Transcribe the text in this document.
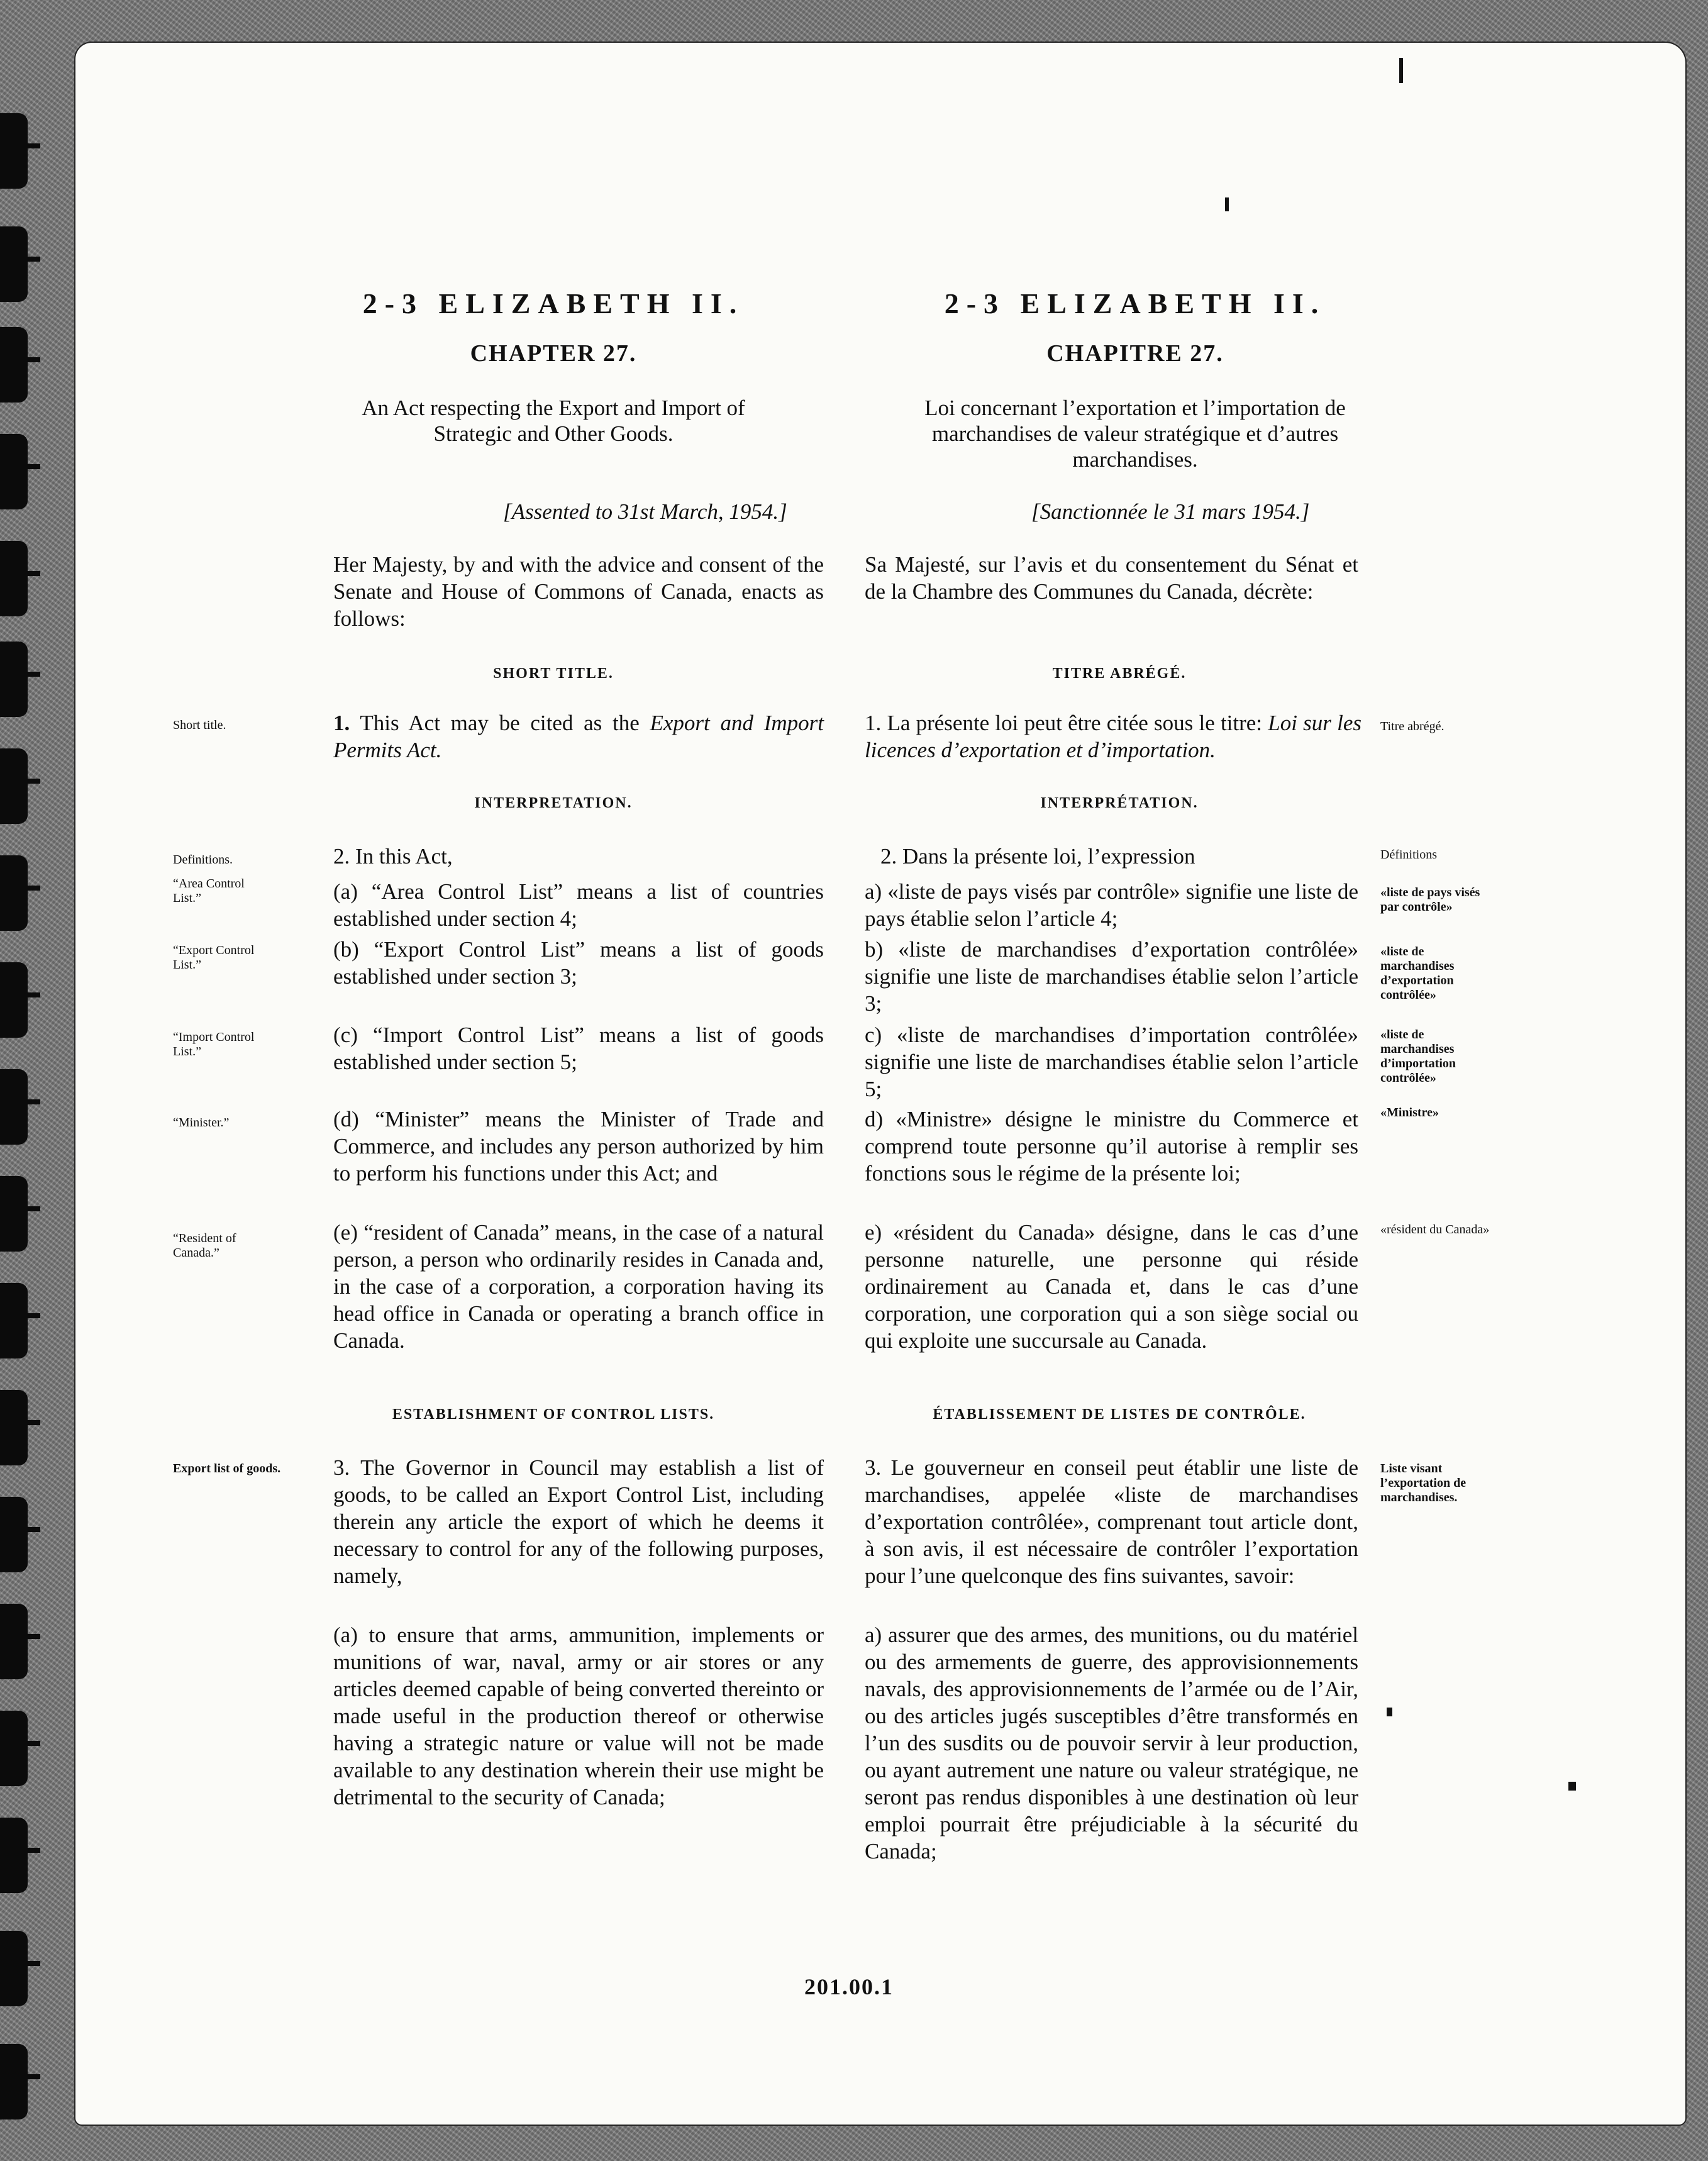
2-3 ELIZABETH II.	2-3 ELIZABETH II.
CHAPTER 27.	CHAPITRE 27.
An Act respecting the Export and Import of Strategic and Other Goods.
Loi concernant l’exportation et l’importation de marchandises de valeur stratégique et d’autres marchandises.
[Assented to 31st March, 1954.]	[Sanctionnée le 31 mars 1954.]
Her Majesty, by and with the advice and consent of the Senate and House of Commons of Canada, enacts as follows:
Sa Majesté, sur l’avis et du consentement du Sénat et de la Chambre des Communes du Canada, décrète:
SHORT TITLE.	TITRE ABRÉGÉ.
Short title.	1. This Act may be cited as the Export and Import Permits Act.
1. La présente loi peut être citée sous le titre: Loi sur les licences d’exportation et d’importation.
Titre abrégé.
INTERPRETATION.	INTERPRÉTATION.
Definitions.	Définitions
2. In this Act,	2. Dans la présente loi, l’expression
“Area Control List.”	(a) “Area Control List” means a list of countries established under section 4;
a) «liste de pays visés par contrôle» signifie une liste de pays établie selon l’article 4;
«liste de pays visés par contrôle»
“Export Control List.”
(b) “Export Control List” means a list of goods established under section 3;
b) «liste de marchandises d’exportation contrôlée» signifie une liste de marchandises établie selon l’article 3;
«liste de marchandises d’exportation contrôlée»
“Import Control List.”
(c) “Import Control List” means a list of goods established under section 5;
c) «liste de marchandises d’importation contrôlée» signifie une liste de marchandises établie selon l’article 5;
«liste de marchandises d’importation contrôlée»
“Minister.”	(d) “Minister” means the Minister of Trade and Commerce, and includes any person authorized by him to perform his functions under this Act; and
d) «Ministre» désigne le ministre du Commerce et comprend toute personne qu’il autorise à remplir ses fonctions sous le régime de la présente loi;
«Ministre»
“Resident of Canada.”
(e) “resident of Canada” means, in the case of a natural person, a person who ordinarily resides in Canada and, in the case of a corporation, a corporation having its head office in Canada or operating a branch office in Canada.
e) «résident du Canada» désigne, dans le cas d’une personne naturelle, une personne qui réside ordinairement au Canada et, dans le cas d’une corporation, une corporation qui a son siège social ou qui exploite une succursale au Canada.
«résident du Canada»
ESTABLISHMENT OF CONTROL LISTS.	ÉTABLISSEMENT DE LISTES DE CONTRÔLE.
Export list of goods.	3. The Governor in Council may establish a list of goods, to be called an Export Control List, including therein any article the export of which he deems it necessary to control for any of the following purposes, namely,
3. Le gouverneur en conseil peut établir une liste de marchandises, appelée «liste de marchandises d’exportation contrôlée», comprenant tout article dont, à son avis, il est nécessaire de contrôler l’exportation pour l’une quelconque des fins suivantes, savoir:
Liste visant l’exportation de marchandises.
(a) to ensure that arms, ammunition, implements or munitions of war, naval, army or air stores or any articles deemed capable of being converted thereinto or made useful in the production thereof or otherwise having a strategic nature or value will not be made available to any destination wherein their use might be detrimental to the security of Canada;
a) assurer que des armes, des munitions, ou du matériel ou des armements de guerre, des approvisionnements navals, des approvisionnements de l’armée ou de l’Air, ou des articles jugés susceptibles d’être transformés en l’un des susdits ou de pouvoir servir à leur production, ou ayant autrement une nature ou valeur stratégique, ne seront pas rendus disponibles à une destination où leur emploi pourrait être préjudiciable à la sécurité du Canada;
201.00.1
